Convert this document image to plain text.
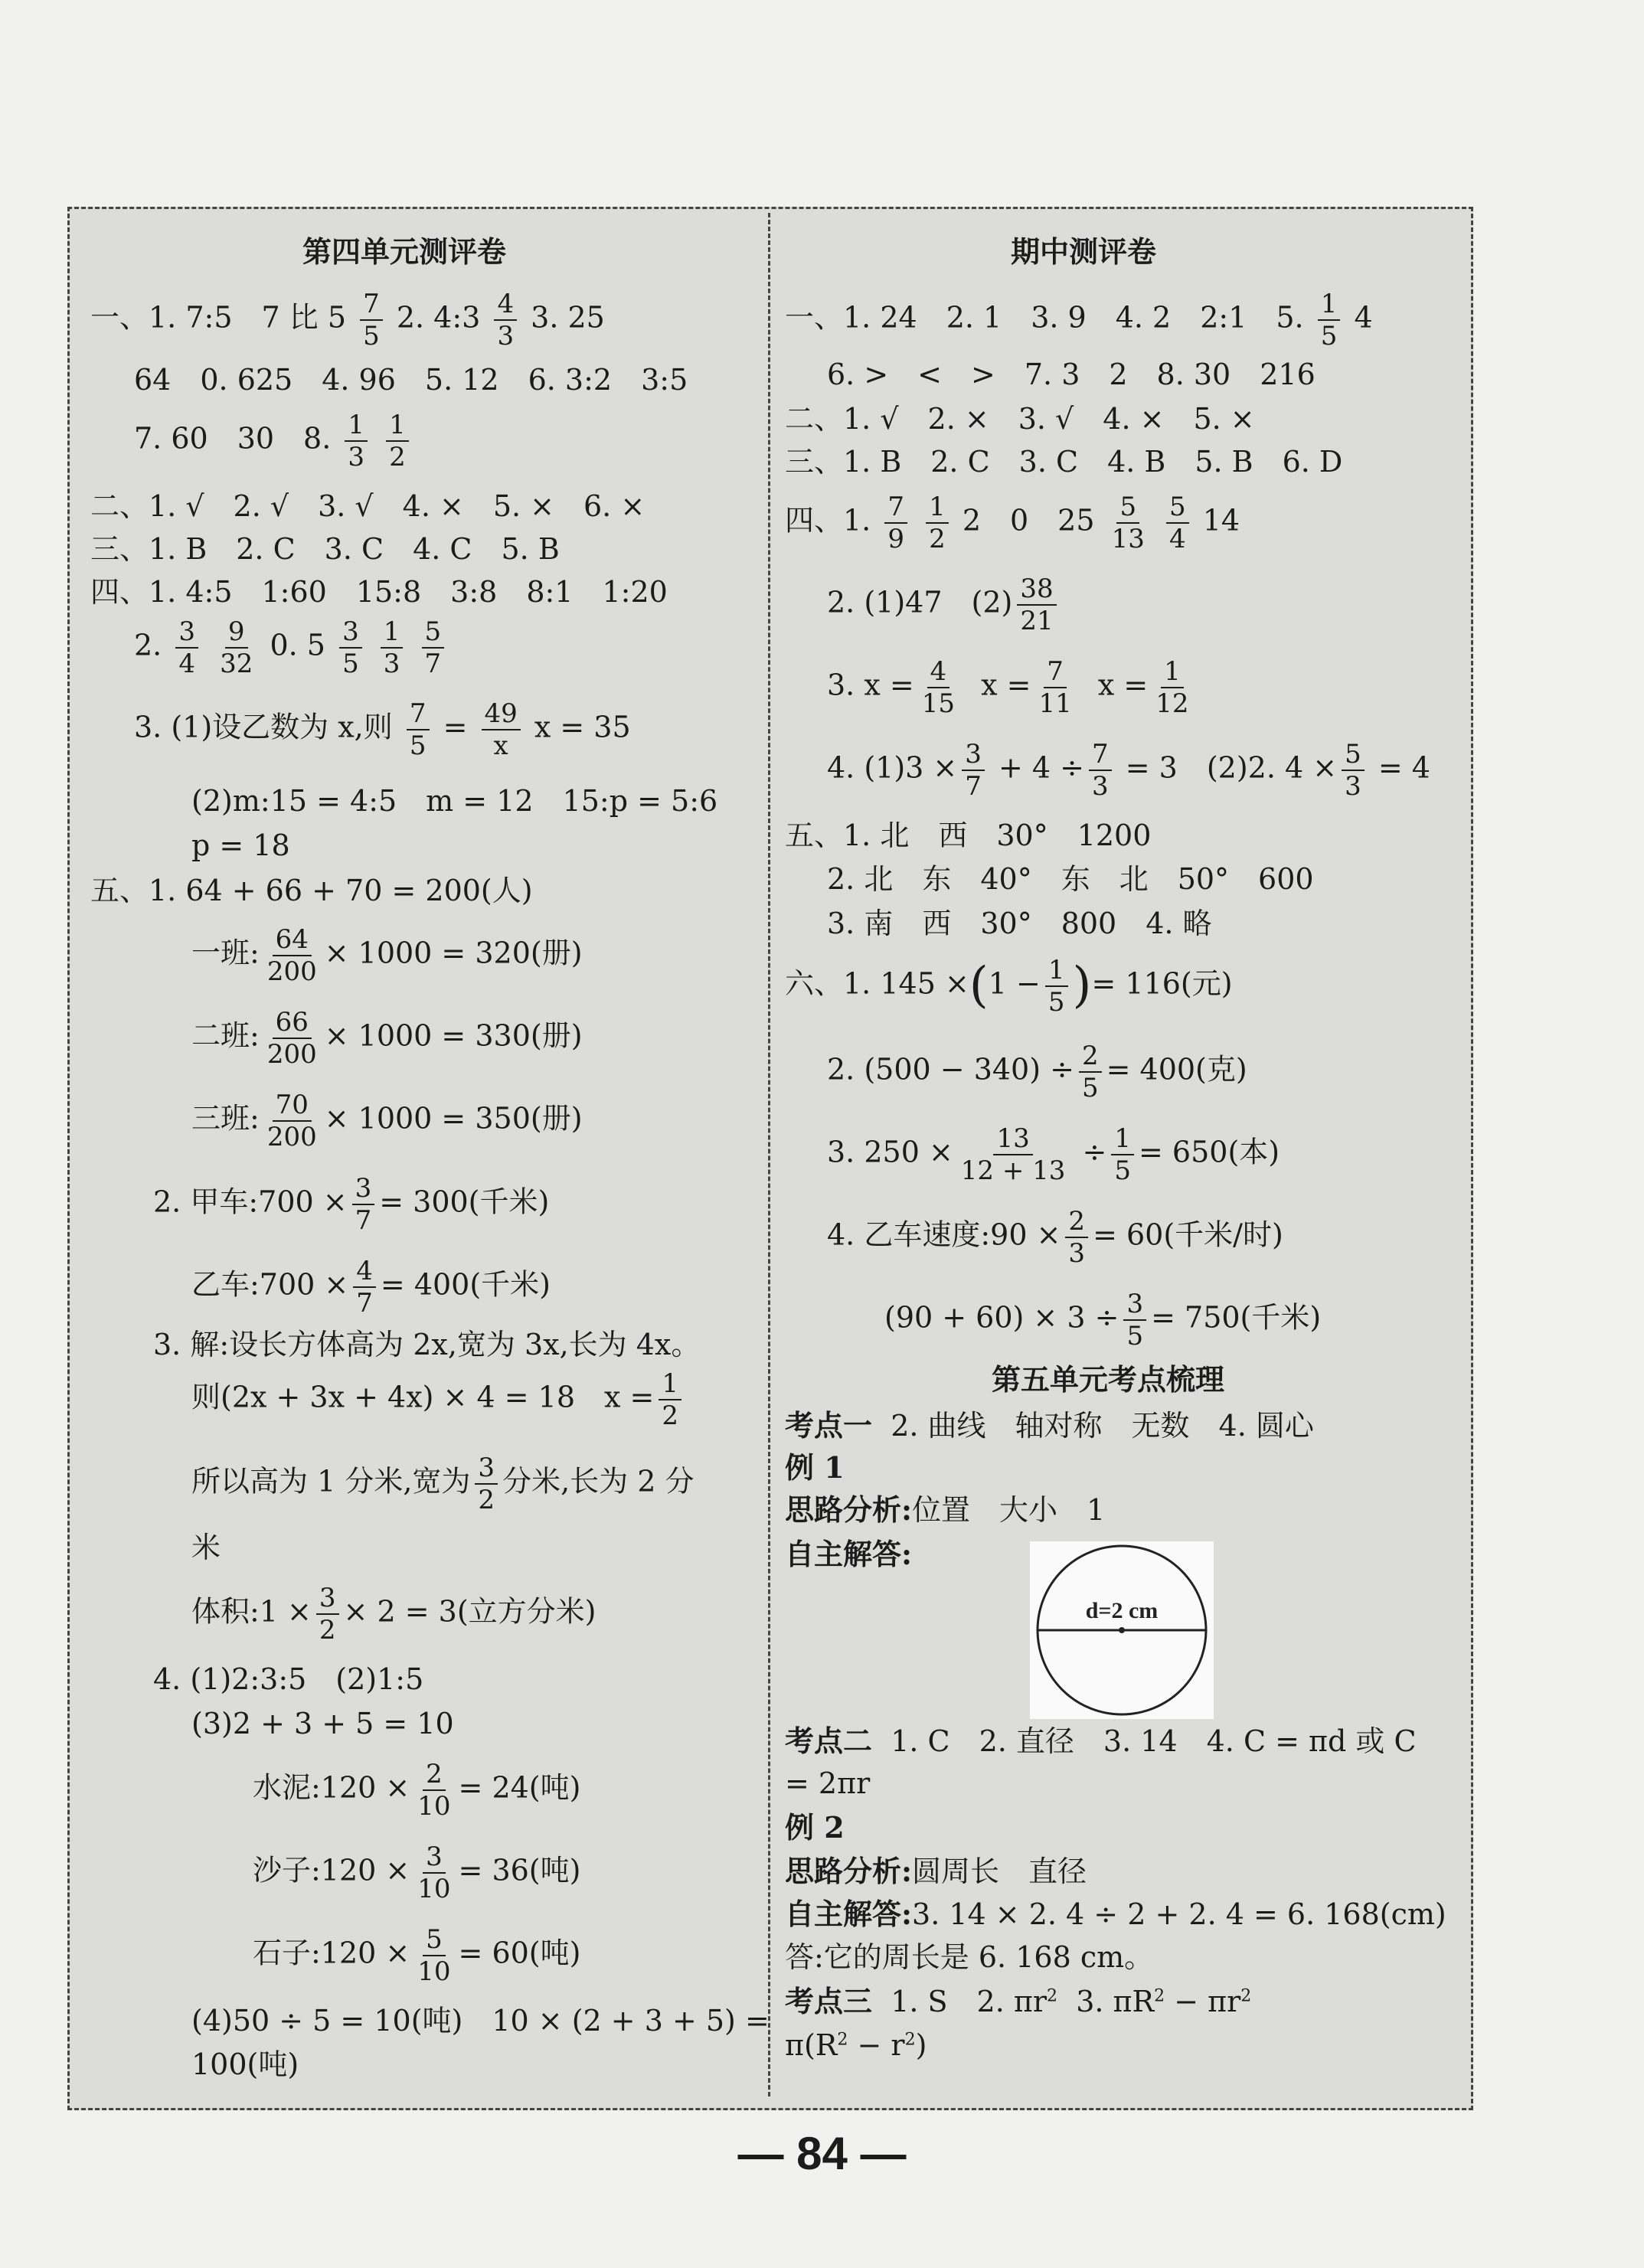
第四单元测评卷
一、1. 7:5　7 比 $5 \frac{7}{5} 2$. 4:3 $\frac{4}{3} 3$. 25
64　0. 625　4. 96　5. 12　6. 3:2　3:5
7. 60　30　8. $\frac{1}{3}$
$\frac{1}{2}$
二、1. √　2. √　3. √　4. ×　5. ×　6. ×
三、1. B　2. C　3. C　4. C　5. B
四、1. 4:5　1:60　15:8　3:8　8:1　1:20
2. $\frac{3}{4}$
$\frac{9}{32} 0$. $5 \frac{3}{5}$
$\frac{1}{3}$
$\frac{5}{7}$
3. (1)设乙数为 x,则 $\frac{7}{5} = \frac{49}{x}$ x = 35
(2)m:15 = 4:5　m = 12　15:p = 5:6
p = 18
五、1. 64 + 66 + 70 = 200(人)
一班: $\frac{64}{200} \times 1000 = 320$(册)
二班: $\frac{66}{200} \times 1000 = 330$(册)
三班: $\frac{70}{200} \times 1000 = 350$(册)
2. 甲车:700 × $\frac{3}{7} = 300$(千米)
乙车:700 × $\frac{4}{7} = 400$(千米)
3. 解:设长方体高为 2x,宽为 3x,长为 4x。
则(2x + 3x + 4x) × 4 = 18　$x = \frac{1}{2}$
所以高为 1 分米,宽为 $\frac{3}{2}$ 分米,长为 2 分
米
体积:1 × $\frac{3}{2} \times 2 = 3$(立方分米)
4. (1)2:3:5　(2)1:5
(3)2 + 3 + 5 = 10
水泥:120 × $\frac{2}{10} = 24$(吨)
沙子:120 × $\frac{3}{10} = 36$(吨)
石子:120 × $\frac{5}{10} = 60$(吨)
(4)50 ÷ 5 = 10(吨)　10 × (2 + 3 + 5) =
100(吨)
期中测评卷
一、1. 24　2. 1　3. 9　4. 2　2:1　5. $\frac{1}{5} 4$
6. >　<　>　7. 3　2　8. 30　216
二、1. √　2. ×　3. √　4. ×　5. ×
三、1. B　2. C　3. C　4. B　5. B　6. D
四、1. $\frac{7}{9}$
$\frac{1}{2} 2$　0　$25 \frac{5}{13}$
$\frac{5}{4} 14$
2. (1)47　$(2) \frac{38}{21}$
3. $x = \frac{4}{15}$ $x = \frac{7}{11}$ $x = \frac{1}{12}$
4. $(1)3 \times \frac{3}{7} + 4 \div \frac{7}{3} = 3$　(2)2. $4 \times \frac{5}{3} = 4$
五、1. 北　西　30°　1200
2. 北　东　40°　东　北　50°　600
3. 南　西　30°　800　4. 略
六、1. $145 \times(1 - \frac{1}{5}$ )= 116(元)
2. $(500 - 340) \div \frac{2}{5} = 400$(克)
3. $250 \times \frac{13}{12 + 13} \div \frac{1}{5} = 650$(本)
4. 乙车速度:90 × $\frac{2}{3} = 60$(千米/时)
$(90 + 60) \times 3 \div \frac{3}{5} = 750$(千米)
第五单元考点梳理
考点一 2. 曲线　轴对称　无数　4. 圆心
例 1
思路分析:位置　大小　1
自主解答:
考点二 1. C　2. 直径　3. 14　4. C = πd 或 C
= 2πr
例 2
思路分析:圆周长　直径
自主解答:3. 14 × 2. 4 ÷ 2 + 2. 4 = 6. 168(cm)
答:它的周长是 6. 168 cm。
考点三 1. S　2. $\pi r^2$ 3. $\pi R^2 - \pi r^2$
$\pi(R^2 - r^2)$
d=2 cm
— 84 —
